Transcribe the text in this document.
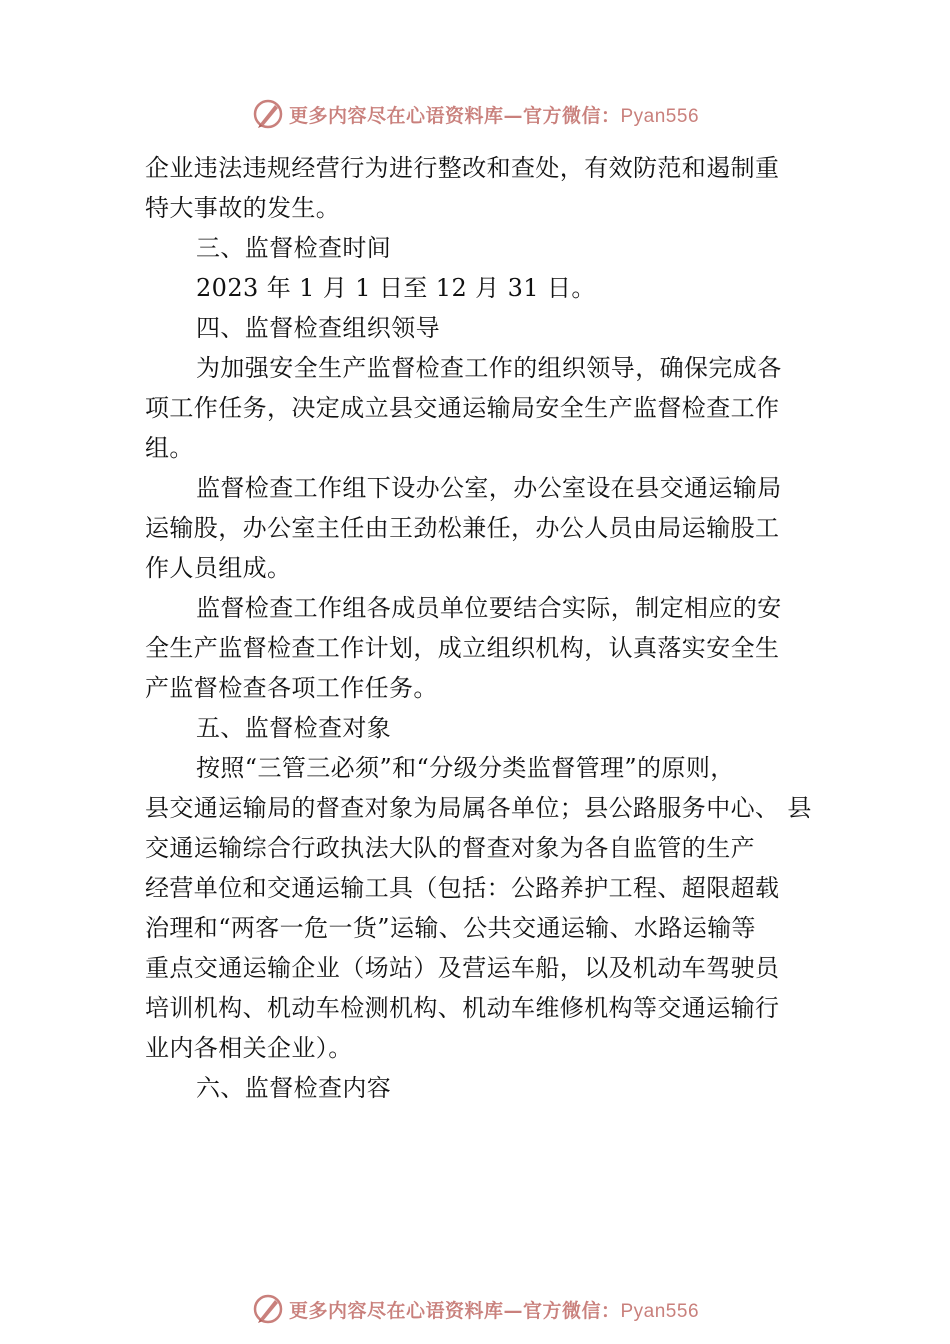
更多内容尽在心语资料库—官方微信：Pyan556
企业违法违规经营行为进行整改和查处，有效防范和遏制重
特大事故的发生。
三、监督检查时间
2023 年 1 月 1 日至 12 月 31 日。
四、监督检查组织领导
为加强安全生产监督检查工作的组织领导，确保完成各
项工作任务，决定成立县交通运输局安全生产监督检查工作
组。
监督检查工作组下设办公室，办公室设在县交通运输局
运输股，办公室主任由王劲松兼任，办公人员由局运输股工
作人员组成。
监督检查工作组各成员单位要结合实际，制定相应的安
全生产监督检查工作计划，成立组织机构，认真落实安全生
产监督检查各项工作任务。
五、监督检查对象
按照“三管三必须”和“分级分类监督管理”的原则，
县交通运输局的督查对象为局属各单位；县公路服务中心、 县
交通运输综合行政执法大队的督查对象为各自监管的生产
经营单位和交通运输工具（包括：公路养护工程、超限超载
治理和“两客一危一货”运输、公共交通运输、水路运输等
重点交通运输企业（场站）及营运车船，以及机动车驾驶员
培训机构、机动车检测机构、机动车维修机构等交通运输行
业内各相关企业）。
六、监督检查内容
更多内容尽在心语资料库—官方微信：Pyan556
